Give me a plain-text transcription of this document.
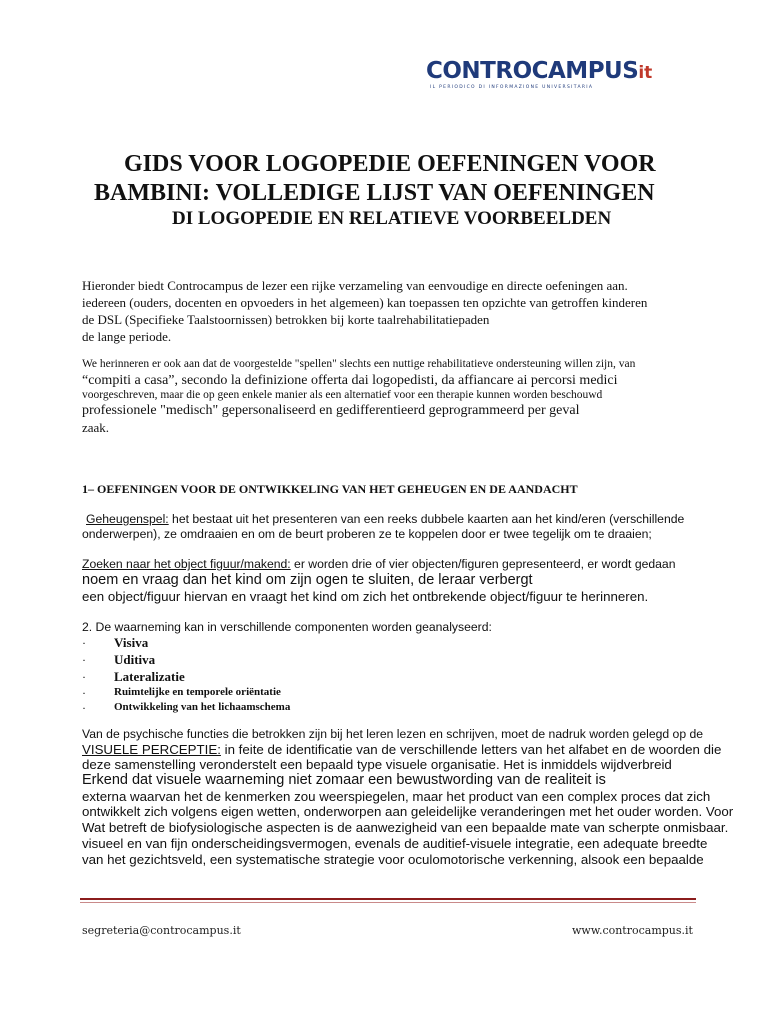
CONTROCAMPUSit
IL PERIODICO DI INFORMAZIONE UNIVERSITARIA
GIDS VOOR LOGOPEDIE OEFENINGEN VOOR
BAMBINI: VOLLEDIGE LIJST VAN OEFENINGEN
DI LOGOPEDIE EN RELATIEVE VOORBEELDEN
Hieronder biedt Controcampus de lezer een rijke verzameling van eenvoudige en directe oefeningen aan.
iedereen (ouders, docenten en opvoeders in het algemeen) kan toepassen ten opzichte van getroffen kinderen
de DSL (Specifieke Taalstoornissen) betrokken bij korte taalrehabilitatiepaden
de lange periode.
We herinneren er ook aan dat de voorgestelde "spellen" slechts een nuttige rehabilitatieve ondersteuning willen zijn, van
“compiti a casa”, secondo la definizione offerta dai logopedisti, da affiancare ai percorsi medici
voorgeschreven, maar die op geen enkele manier als een alternatief voor een therapie kunnen worden beschouwd
professionele "medisch" gepersonaliseerd en gedifferentieerd geprogrammeerd per geval
zaak.
1– OEFENINGEN VOOR DE ONTWIKKELING VAN HET GEHEUGEN EN DE AANDACHT
Geheugenspel: het bestaat uit het presenteren van een reeks dubbele kaarten aan het kind/eren (verschillende
onderwerpen), ze omdraaien en om de beurt proberen ze te koppelen door er twee tegelijk om te draaien;
Zoeken naar het object figuur/makend: er worden drie of vier objecten/figuren gepresenteerd, er wordt gedaan
noem en vraag dan het kind om zijn ogen te sluiten, de leraar verbergt
een object/figuur hiervan en vraagt het kind om zich het ontbrekende object/figuur te herinneren.
2. De waarneming kan in verschillende componenten worden geanalyseerd:
· Visiva
· Uditiva
· Lateralizatie
·	Ruimtelijke en temporele oriëntatie
·	Ontwikkeling van het lichaamschema
Van de psychische functies die betrokken zijn bij het leren lezen en schrijven, moet de nadruk worden gelegd op de
VISUELE PERCEPTIE: in feite de identificatie van de verschillende letters van het alfabet en de woorden die
deze samenstelling veronderstelt een bepaald type visuele organisatie. Het is inmiddels wijdverbreid
Erkend dat visuele waarneming niet zomaar een bewustwording van de realiteit is
externa waarvan het de kenmerken zou weerspiegelen, maar het product van een complex proces dat zich
ontwikkelt zich volgens eigen wetten, onderworpen aan geleidelijke veranderingen met het ouder worden. Voor
Wat betreft de biofysiologische aspecten is de aanwezigheid van een bepaalde mate van scherpte onmisbaar.
visueel en van fijn onderscheidingsvermogen, evenals de auditief-visuele integratie, een adequate breedte
van het gezichtsveld, een systematische strategie voor oculomotorische verkenning, alsook een bepaalde
segreteria@controcampus.it	www.controcampus.it
